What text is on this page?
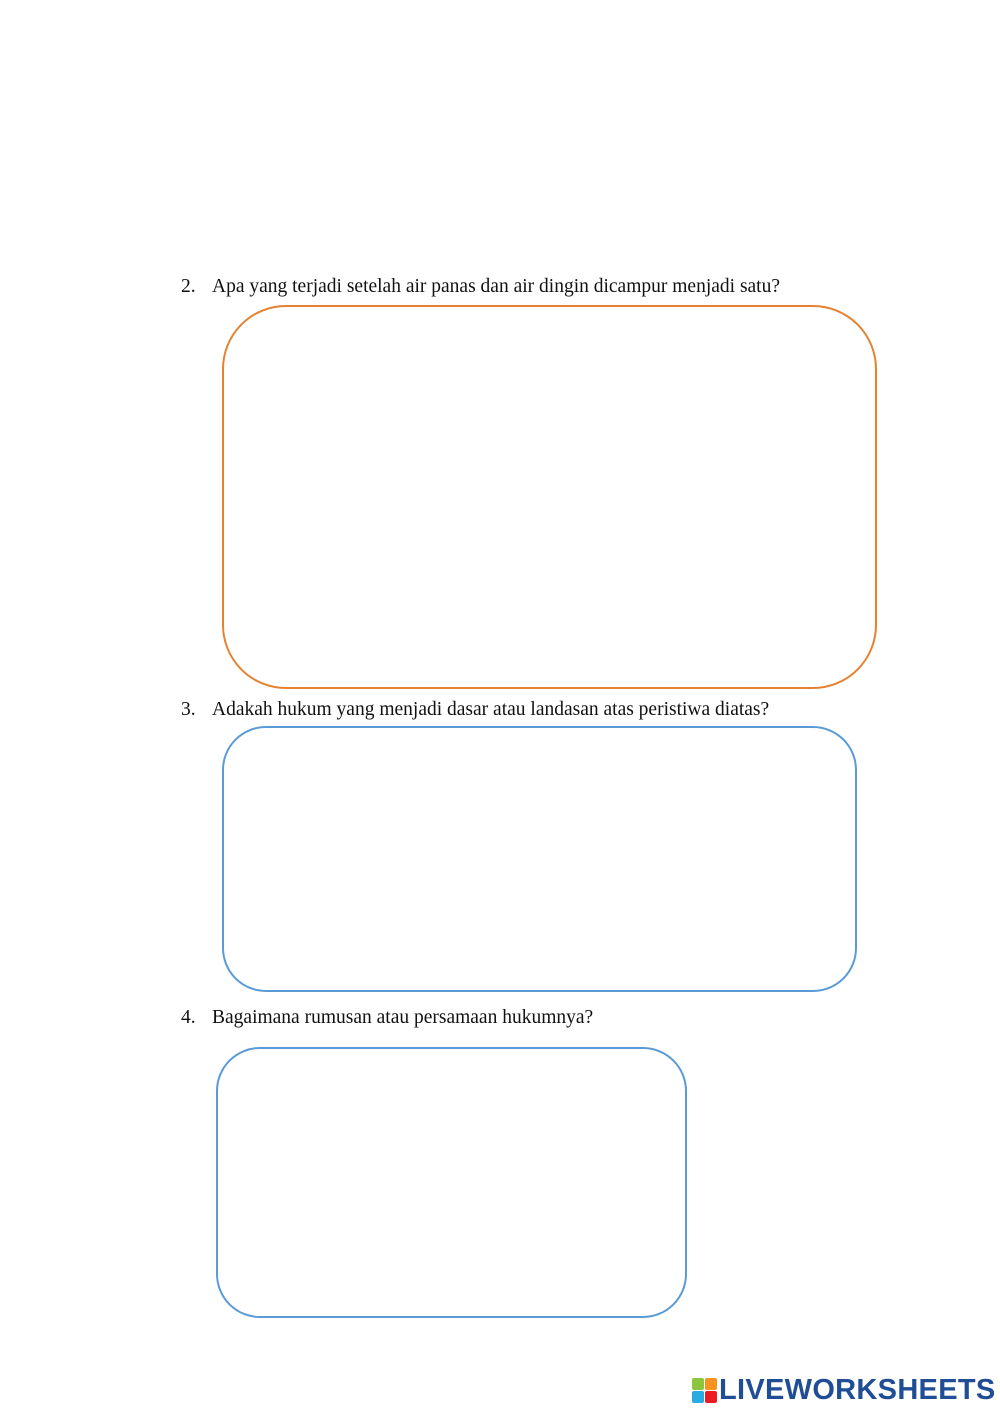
2. Apa yang terjadi setelah air panas dan air dingin dicampur menjadi satu?
3. Adakah hukum yang menjadi dasar atau landasan atas peristiwa diatas?
4. Bagaimana rumusan atau persamaan hukumnya?
LIVEWORKSHEETS
